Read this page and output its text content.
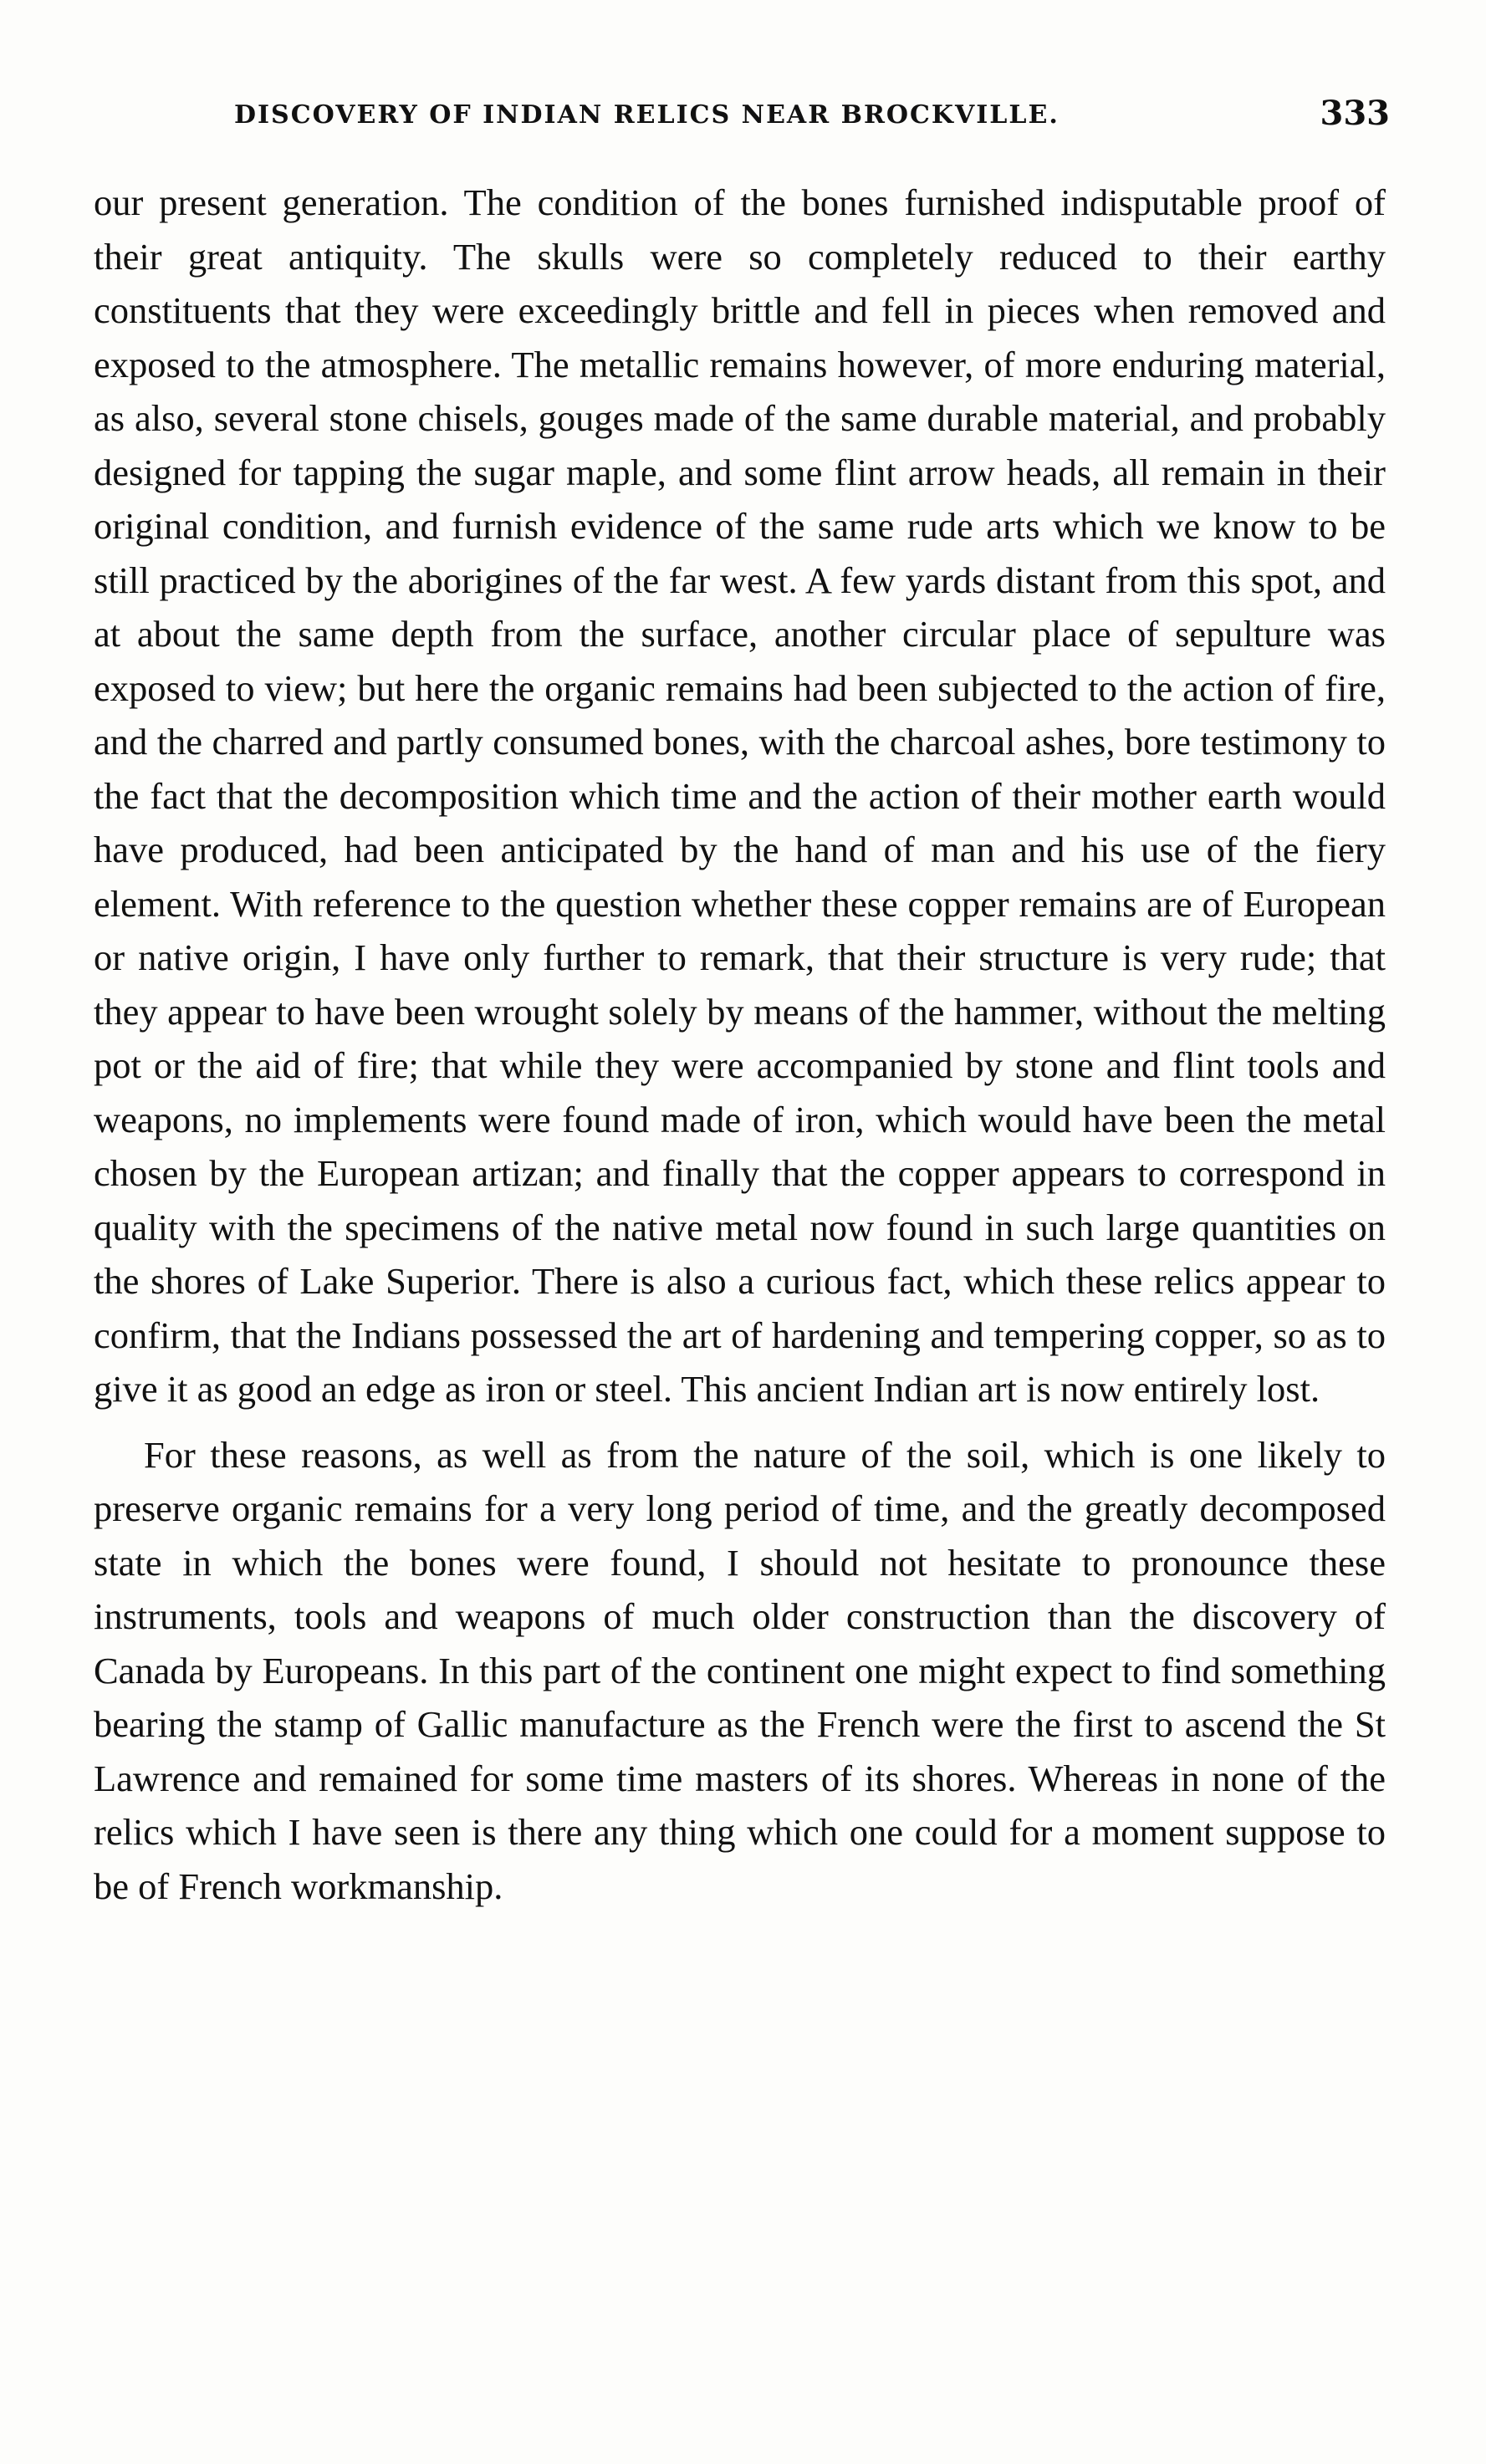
DISCOVERY OF INDIAN RELICS NEAR BROCKVILLE.	333

our present generation. The condition of the bones furnished indisputable proof of their great antiquity. The skulls were so completely reduced to their earthy constituents that they were exceedingly brittle and fell in pieces when removed and exposed to the atmosphere. The metallic remains however, of more enduring material, as also, several stone chisels, gouges made of the same durable material, and probably designed for tapping the sugar maple, and some flint arrow heads, all remain in their original condition, and furnish evidence of the same rude arts which we know to be still practiced by the aborigines of the far west. A few yards distant from this spot, and at about the same depth from the surface, another circular place of sepulture was exposed to view; but here the organic remains had been subjected to the action of fire, and the charred and partly consumed bones, with the charcoal ashes, bore testimony to the fact that the decomposition which time and the action of their mother earth would have produced, had been anticipated by the hand of man and his use of the fiery element. With reference to the question whether these copper remains are of European or native origin, I have only further to remark, that their structure is very rude; that they appear to have been wrought solely by means of the hammer, without the melting pot or the aid of fire; that while they were accompanied by stone and flint tools and weapons, no implements were found made of iron, which would have been the metal chosen by the European artizan; and finally that the copper appears to correspond in quality with the specimens of the native metal now found in such large quantities on the shores of Lake Superior. There is also a curious fact, which these relics appear to confirm, that the Indians possessed the art of hardening and tempering copper, so as to give it as good an edge as iron or steel. This ancient Indian art is now entirely lost.

For these reasons, as well as from the nature of the soil, which is one likely to preserve organic remains for a very long period of time, and the greatly decomposed state in which the bones were found, I should not hesitate to pronounce these instruments, tools and weapons of much older construction than the discovery of Canada by Europeans. In this part of the continent one might expect to find something bearing the stamp of Gallic manufacture as the French were the first to ascend the St Lawrence and remained for some time masters of its shores. Whereas in none of the relics which I have seen is there any thing which one could for a moment suppose to be of French workmanship.
